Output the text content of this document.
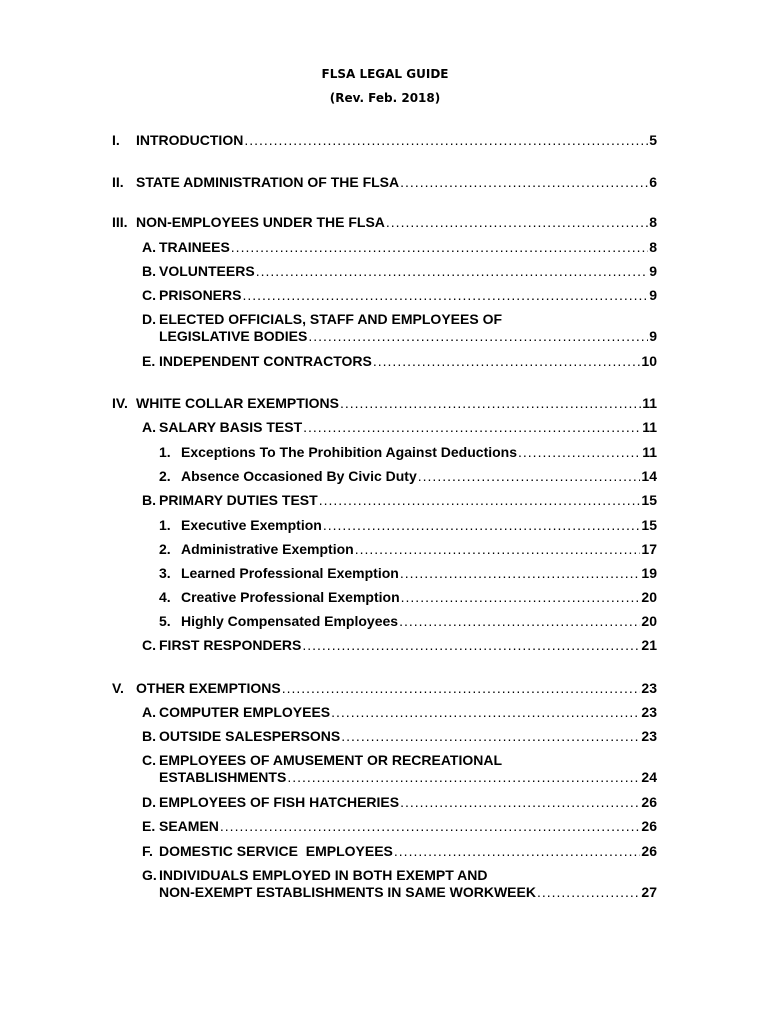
FLSA LEGAL GUIDE
(Rev. Feb. 2018)
I.	INTRODUCTION .....	5
II. STATE ADMINISTRATION OF THE FLSA .....	6
III. NON-EMPLOYEES UNDER THE FLSA .....	8
A. TRAINEES .....	8
B. VOLUNTEERS .....	9
C. PRISONERS .....	9
D. ELECTED OFFICIALS, STAFF AND EMPLOYEES OF
LEGISLATIVE BODIES .....	9
E. INDEPENDENT CONTRACTORS .....	10
IV. WHITE COLLAR EXEMPTIONS .....	11
A. SALARY BASIS TEST .....	11
1. Exceptions To The Prohibition Against Deductions .....	11
2. Absence Occasioned By Civic Duty .....	14
B. PRIMARY DUTIES TEST .....	15
1. Executive Exemption .....	15
2. Administrative Exemption .....	17
3. Learned Professional Exemption .....	19
4. Creative Professional Exemption .....	20
5. Highly Compensated Employees .....	20
C. FIRST RESPONDERS .....	21
V. OTHER EXEMPTIONS .....	23
A. COMPUTER EMPLOYEES .....	23
B. OUTSIDE SALESPERSONS .....	23
C. EMPLOYEES OF AMUSEMENT OR RECREATIONAL
ESTABLISHMENTS .....	24
D. EMPLOYEES OF FISH HATCHERIES .....	26
E. SEAMEN .....	26
F. DOMESTIC SERVICE  EMPLOYEES .....	26
G. INDIVIDUALS EMPLOYED IN BOTH EXEMPT AND
NON-EXEMPT ESTABLISHMENTS IN SAME WORKWEEK .....	27
